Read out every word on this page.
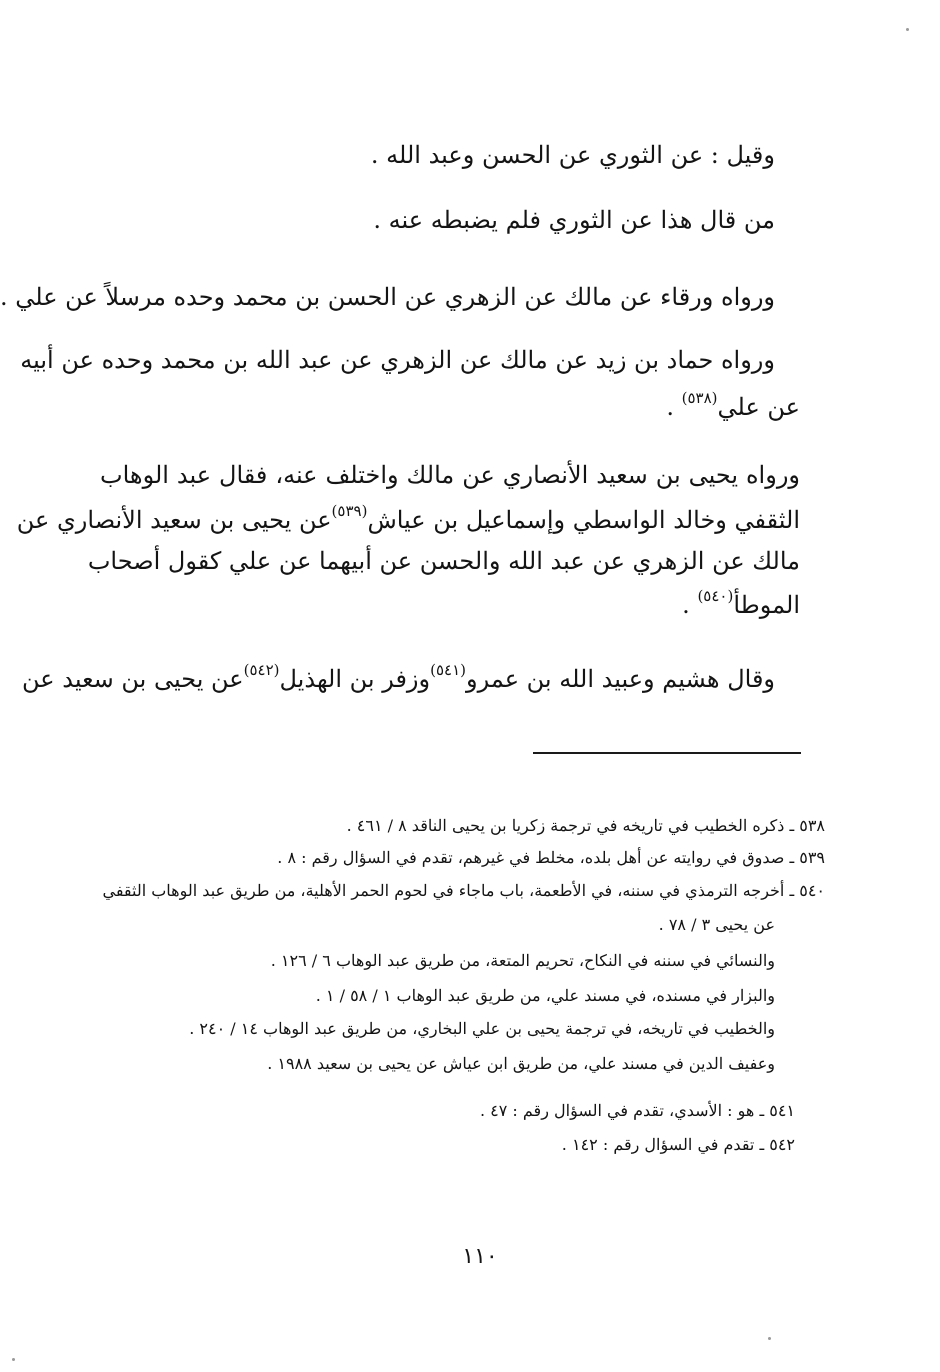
وقيل : عن الثوري عن الحسن وعبد الله .
من قال هذا عن الثوري فلم يضبطه عنه .
ورواه ورقاء عن مالك عن الزهري عن الحسن بن محمد وحده مرسلاً عن علي .
ورواه حماد بن زيد عن مالك عن الزهري عن عبد الله بن محمد وحده عن أبيه
عن علي$^{(٥٣٨)}$ .
ورواه يحيى بن سعيد الأنصاري عن مالك واختلف عنه، فقال عبد الوهاب
الثقفي وخالد الواسطي وإسماعيل بن عياش$^{(٥٣٩)}$عن يحيى بن سعيد الأنصاري عن
مالك عن الزهري عن عبد الله والحسن عن أبيهما عن علي كقول أصحاب
الموطأ$^{(٥٤٠)}$ .
وقال هشيم وعبيد الله بن عمرو$^{(٥٤١)}$وزفر بن الهذيل$^{(٥٤٢)}$عن يحيى بن سعيد عن
٥٣٨ ـ ذكره الخطيب في تاريخه في ترجمة زكريا بن يحيى الناقد ٨ / ٤٦١ .
٥٣٩ ـ صدوق في روايته عن أهل بلده، مخلط في غيرهم، تقدم في السؤال رقم : ٨ .
٥٤٠ ـ أخرجه الترمذي في سننه، في الأطعمة، باب ماجاء في لحوم الحمر الأهلية، من طريق عبد الوهاب الثقفي
عن يحيى ٣ / ٧٨ .
والنسائي في سننه في النكاح، تحريم المتعة، من طريق عبد الوهاب ٦ / ١٢٦ .
والبزار في مسنده، في مسند علي، من طريق عبد الوهاب ١ / ٥٨ / ١ .
والخطيب في تاريخه، في ترجمة يحيى بن علي البخاري، من طريق عبد الوهاب ١٤ / ٢٤٠ .
وعفيف الدين في مسند علي، من طريق ابن عياش عن يحيى بن سعيد ١٩٨٨ .
٥٤١ ـ هو : الأسدي، تقدم في السؤال رقم : ٤٧ .
٥٤٢ ـ تقدم في السؤال رقم : ١٤٢ .
١١٠
